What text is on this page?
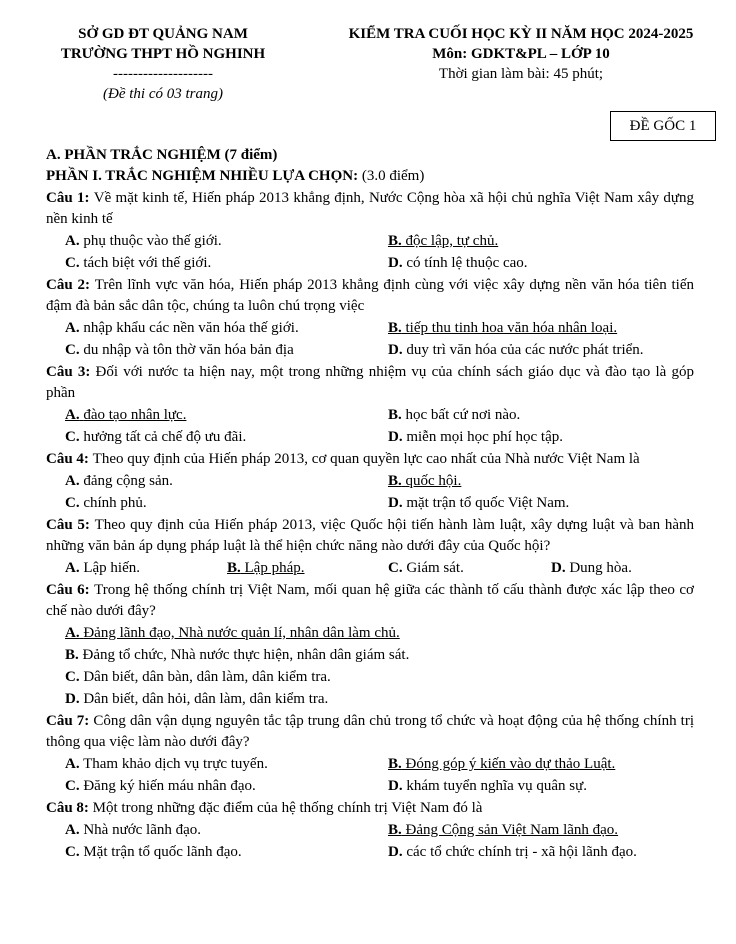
SỞ GD ĐT QUẢNG NAM
TRƯỜNG THPT HỒ NGHINH
--------------------
(Đề thi có 03 trang)
KIỂM TRA CUỐI HỌC KỲ II NĂM HỌC 2024-2025
Môn: GDKT&PL – LỚP 10
Thời gian làm bài: 45 phút;
ĐỀ GỐC 1
A. PHẦN TRẮC NGHIỆM (7 điểm)
PHẦN I. TRẮC NGHIỆM NHIỀU LỰA CHỌN: (3.0 điểm)
Câu 1: Về mặt kinh tế, Hiến pháp 2013 khẳng định, Nước Cộng hòa xã hội chủ nghĩa Việt Nam xây dựng nền kinh tế
A. phụ thuộc vào thế giới.	B. độc lập, tự chủ.
C. tách biệt với thế giới.	D. có tính lệ thuộc cao.
Câu 2: Trên lĩnh vực văn hóa, Hiến pháp 2013 khẳng định cùng với việc xây dựng nền văn hóa tiên tiến đậm đà bản sắc dân tộc, chúng ta luôn chú trọng việc
A. nhập khẩu các nền văn hóa thế giới.	B. tiếp thu tinh hoa văn hóa nhân loại.
C. du nhập và tôn thờ văn hóa bản địa	D. duy trì văn hóa của các nước phát triển.
Câu 3: Đối với nước ta hiện nay, một trong những nhiệm vụ của chính sách giáo dục và đào tạo là góp phần
A. đào tạo nhân lực.	B. học bất cứ nơi nào.
C. hưởng tất cả chế độ ưu đãi.	D. miễn mọi học phí học tập.
Câu 4: Theo quy định của Hiến pháp 2013, cơ quan quyền lực cao nhất của Nhà nước Việt Nam là
A. đảng cộng sản.	B. quốc hội.
C. chính phủ.	D. mặt trận tổ quốc Việt Nam.
Câu 5: Theo quy định của Hiến pháp 2013, việc Quốc hội tiến hành làm luật, xây dựng luật và ban hành những văn bản áp dụng pháp luật là thể hiện chức năng nào dưới đây của Quốc hội?
A. Lập hiến.	B. Lập pháp.	C. Giám sát.	D. Dung hòa.
Câu 6: Trong hệ thống chính trị Việt Nam, mối quan hệ giữa các thành tố cấu thành được xác lập theo cơ chế nào dưới đây?
A. Đảng lãnh đạo, Nhà nước quản lí, nhân dân làm chủ.
B. Đảng tổ chức, Nhà nước thực hiện, nhân dân giám sát.
C. Dân biết, dân bàn, dân làm, dân kiểm tra.
D. Dân biết, dân hỏi, dân làm, dân kiểm tra.
Câu 7: Công dân vận dụng nguyên tắc tập trung dân chủ trong tổ chức và hoạt động của hệ thống chính trị thông qua việc làm nào dưới đây?
A. Tham khảo dịch vụ trực tuyến.	B. Đóng góp ý kiến vào dự thảo Luật.
C. Đăng ký hiến máu nhân đạo.	D. khám tuyển nghĩa vụ quân sự.
Câu 8: Một trong những đặc điểm của hệ thống chính trị Việt Nam đó là
A. Nhà nước lãnh đạo.	B. Đảng Cộng sản Việt Nam lãnh đạo.
C. Mặt trận tổ quốc lãnh đạo.	D. các tổ chức chính trị - xã hội lãnh đạo.
